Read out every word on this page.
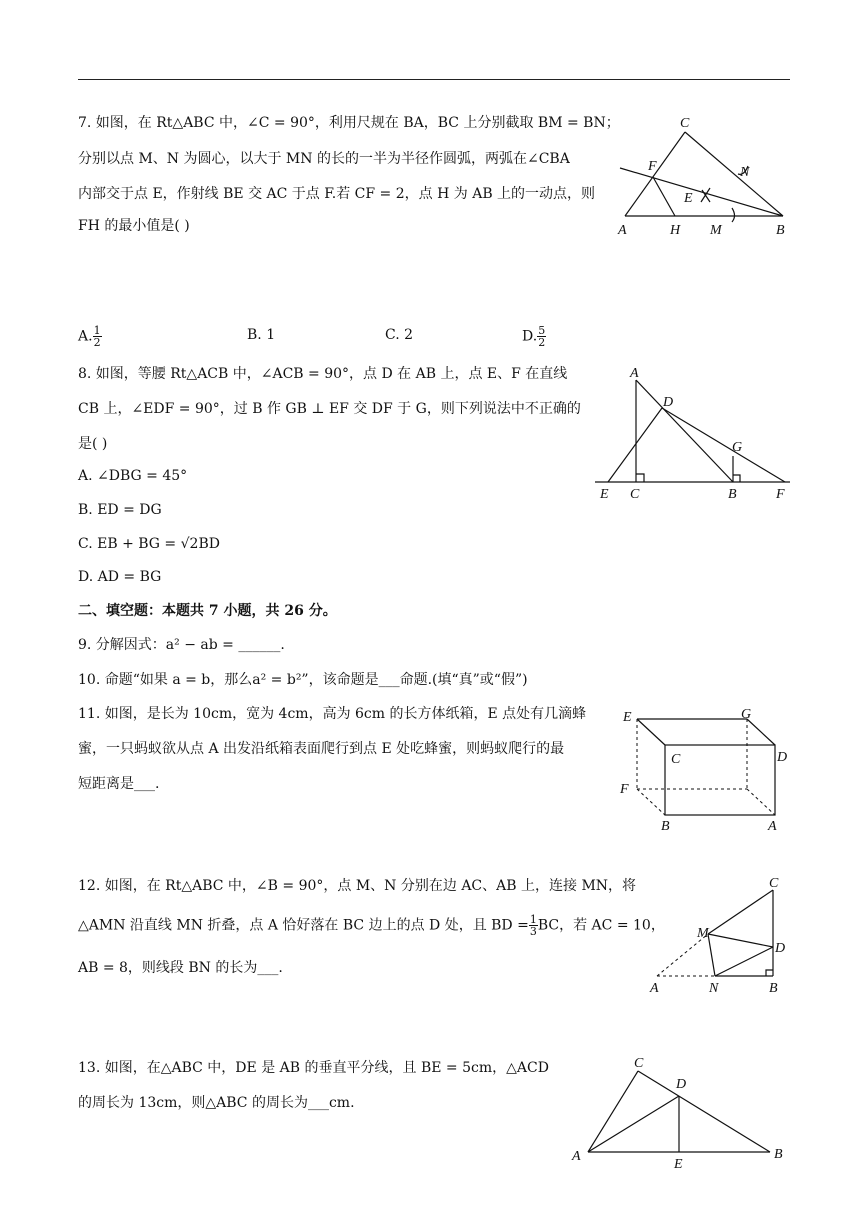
7. 如图，在 Rt△ABC 中，∠C = 90°，利用尺规在 BA，BC 上分别截取 BM = BN；
分别以点 M、N 为圆心，以大于 MN 的长的一半为半径作圆弧，两弧在∠CBA
内部交于点 E，作射线 BE 交 AC 于点 F.若 CF = 2，点 H 为 AB 上的一动点，则
FH 的最小值是( )
C
F	N
E
A	H M	B
A. $\frac{1}{2}$	B. 1	C. 2	D. $\frac{5}{2}$
8. 如图，等腰 Rt△ACB 中，∠ACB = 90°，点 D 在 AB 上，点 E、F 在直线
CB 上，∠EDF = 90°，过 B 作 GB ⊥ EF 交 DF 于 G，则下列说法中不正确的
是( )
A. ∠DBG = 45°
B. ED = DG
C. EB + BG = √2BD
D. AD = BG
A
D
G
E C	B	F
二、填空题：本题共 7 小题，共 26 分。
9. 分解因式：a² − ab = ______.
10. 命题“如果 a = b，那么a² = b²”，该命题是___命题.(填“真”或“假”)
11. 如图，是长为 10cm，宽为 4cm，高为 6cm 的长方体纸箱，E 点处有几滴蜂
蜜，一只蚂蚁欲从点 A 出发沿纸箱表面爬行到点 E 处吃蜂蜜，则蚂蚁爬行的最
短距离是___.
E	G
C	D
F
B	A
12. 如图，在 Rt△ABC 中，∠B = 90°，点 M、N 分别在边 AC、AB 上，连接 MN，将
△AMN 沿直线 MN 折叠，点 A 恰好落在 BC 边上的点 D 处，且 BD = $\frac{1}{3}$ BC，若 AC = 10，
AB = 8，则线段 BN 的长为___.
C
M
D
A	N	B
13. 如图，在△ABC 中，DE 是 AB 的垂直平分线，且 BE = 5cm，△ACD
的周长为 13cm，则△ABC 的周长为___cm.
C
D
A
E
B
